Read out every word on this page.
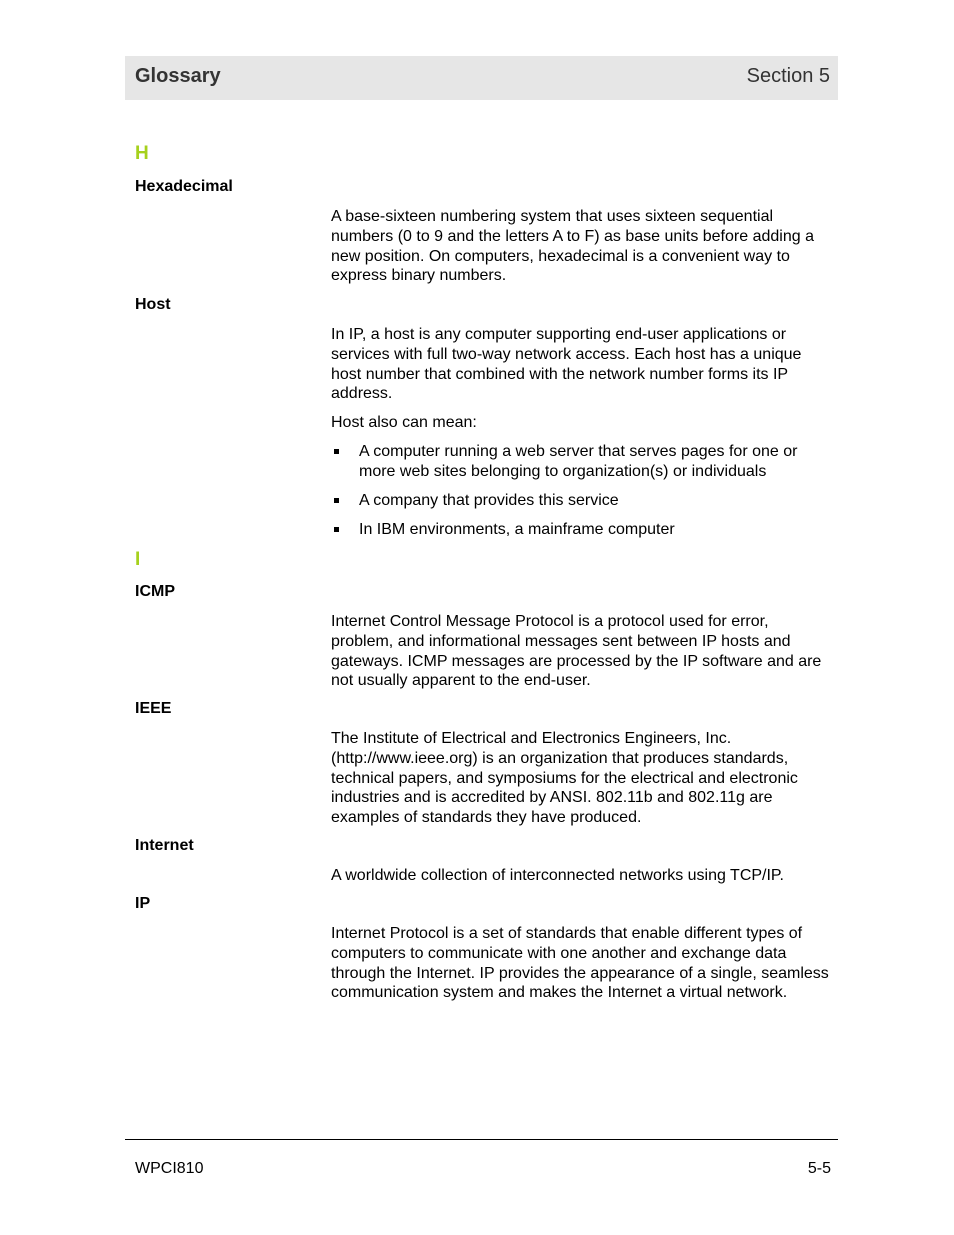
Glossary	Section 5
H
Hexadecimal
A base-sixteen numbering system that uses sixteen sequential numbers (0 to 9 and the letters A to F) as base units before adding a new position. On computers, hexadecimal is a convenient way to express binary numbers.
Host
In IP, a host is any computer supporting end-user applications or services with full two-way network access. Each host has a unique host number that combined with the network number forms its IP address.
Host also can mean:
A computer running a web server that serves pages for one or more web sites belonging to organization(s) or individuals
A company that provides this service
In IBM environments, a mainframe computer
I
ICMP
Internet Control Message Protocol is a protocol used for error, problem, and informational messages sent between IP hosts and gateways. ICMP messages are processed by the IP software and are not usually apparent to the end-user.
IEEE
The Institute of Electrical and Electronics Engineers, Inc. (http://www.ieee.org) is an organization that produces standards, technical papers, and symposiums for the electrical and electronic industries and is accredited by ANSI. 802.11b and 802.11g are examples of standards they have produced.
Internet
A worldwide collection of interconnected networks using TCP/IP.
IP
Internet Protocol is a set of standards that enable different types of computers to communicate with one another and exchange data through the Internet. IP provides the appearance of a single, seamless communication system and makes the Internet a virtual network.
WPCI810	5-5
